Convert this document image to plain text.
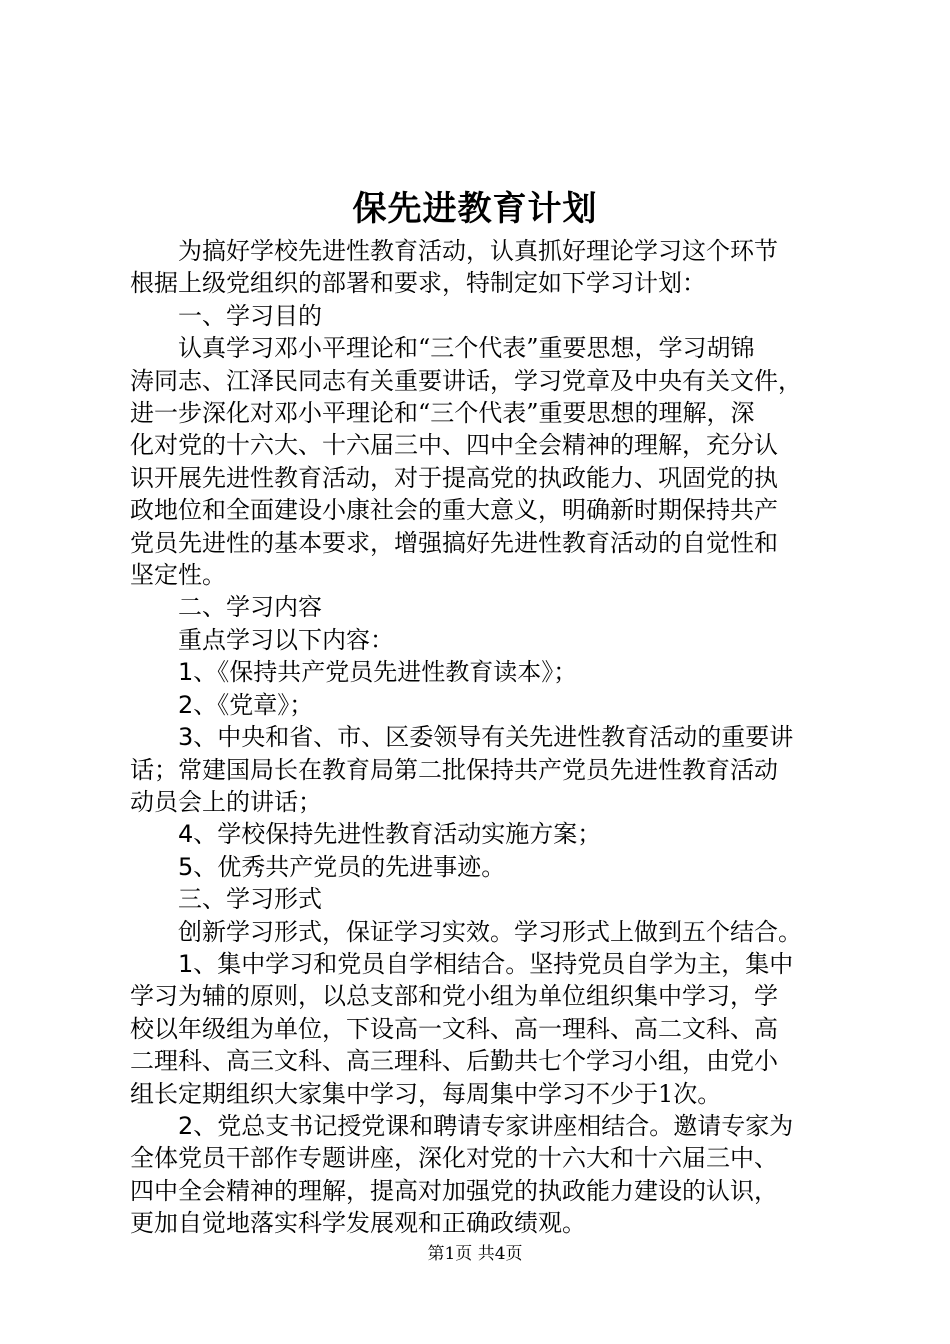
保先进教育计划
为搞好学校先进性教育活动，认真抓好理论学习这个环节
根据上级党组织的部署和要求，特制定如下学习计划：
一、学习目的
认真学习邓小平理论和“三个代表”重要思想，学习胡锦
涛同志、江泽民同志有关重要讲话，学习党章及中央有关文件，
进一步深化对邓小平理论和“三个代表”重要思想的理解，深
化对党的十六大、十六届三中、四中全会精神的理解，充分认
识开展先进性教育活动，对于提高党的执政能力、巩固党的执
政地位和全面建设小康社会的重大意义，明确新时期保持共产
党员先进性的基本要求，增强搞好先进性教育活动的自觉性和
坚定性。
二、学习内容
重点学习以下内容：
1、《保持共产党员先进性教育读本》；
2、《党章》；
3、中央和省、市、区委领导有关先进性教育活动的重要讲
话；常建国局长在教育局第二批保持共产党员先进性教育活动
动员会上的讲话；
4、学校保持先进性教育活动实施方案；
5、优秀共产党员的先进事迹。
三、学习形式
创新学习形式，保证学习实效。学习形式上做到五个结合。
1、集中学习和党员自学相结合。坚持党员自学为主，集中
学习为辅的原则，以总支部和党小组为单位组织集中学习，学
校以年级组为单位，下设高一文科、高一理科、高二文科、高
二理科、高三文科、高三理科、后勤共七个学习小组，由党小
组长定期组织大家集中学习，每周集中学习不少于1次。
2、党总支书记授党课和聘请专家讲座相结合。邀请专家为
全体党员干部作专题讲座，深化对党的十六大和十六届三中、
四中全会精神的理解，提高对加强党的执政能力建设的认识，
更加自觉地落实科学发展观和正确政绩观。
第1页 共4页
